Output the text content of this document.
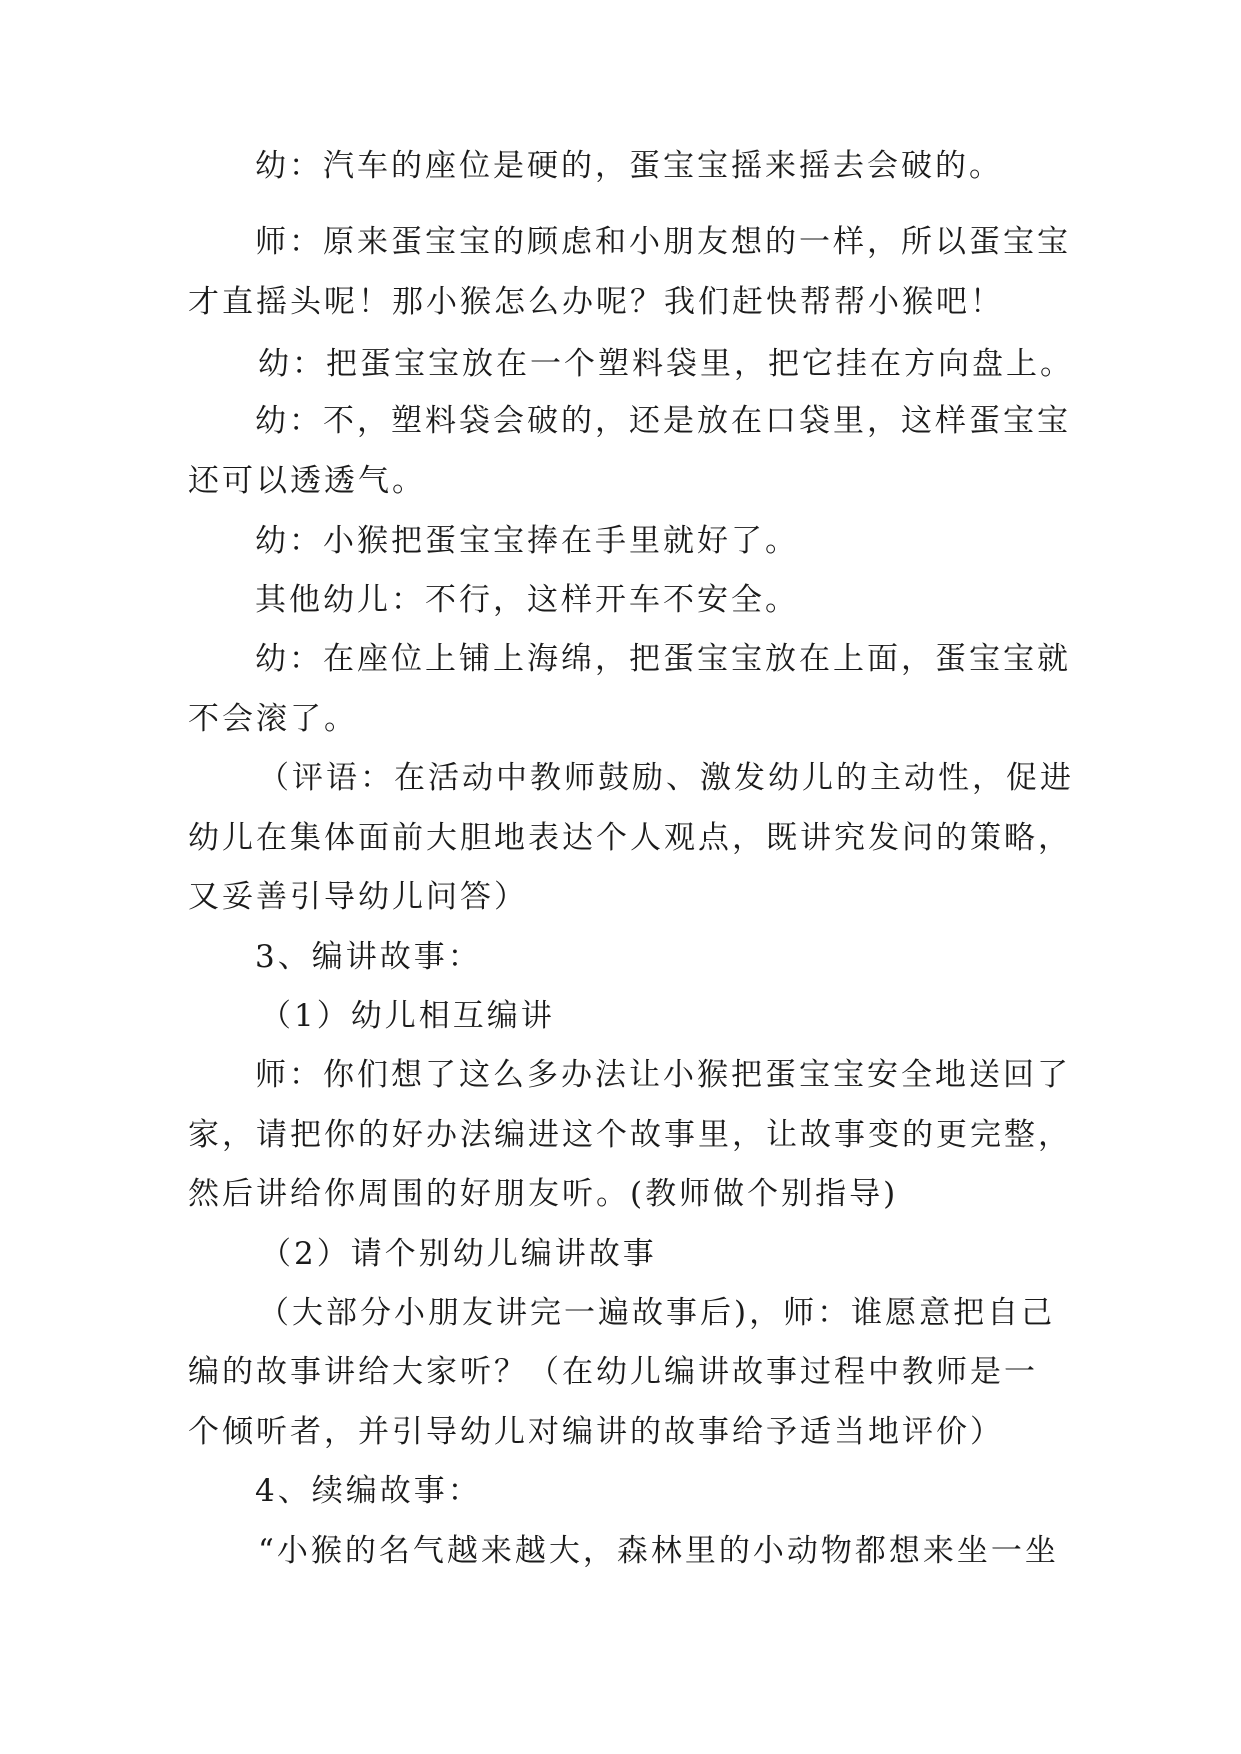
幼：汽车的座位是硬的，蛋宝宝摇来摇去会破的。
师：原来蛋宝宝的顾虑和小朋友想的一样，所以蛋宝宝
才直摇头呢！那小猴怎么办呢？我们赶快帮帮小猴吧！
幼：把蛋宝宝放在一个塑料袋里，把它挂在方向盘上。
幼：不，塑料袋会破的，还是放在口袋里，这样蛋宝宝
还可以透透气。
幼：小猴把蛋宝宝捧在手里就好了。
其他幼儿：不行，这样开车不安全。
幼：在座位上铺上海绵，把蛋宝宝放在上面，蛋宝宝就
不会滚了。
（评语：在活动中教师鼓励、激发幼儿的主动性，促进
幼儿在集体面前大胆地表达个人观点，既讲究发问的策略，
又妥善引导幼儿问答）
3、编讲故事：
（1）幼儿相互编讲
师：你们想了这么多办法让小猴把蛋宝宝安全地送回了
家，请把你的好办法编进这个故事里，让故事变的更完整，
然后讲给你周围的好朋友听。(教师做个别指导)
（2）请个别幼儿编讲故事
（大部分小朋友讲完一遍故事后)，师：谁愿意把自己
编的故事讲给大家听？（在幼儿编讲故事过程中教师是一
个倾听者，并引导幼儿对编讲的故事给予适当地评价）
4、续编故事：
“小猴的名气越来越大，森林里的小动物都想来坐一坐
